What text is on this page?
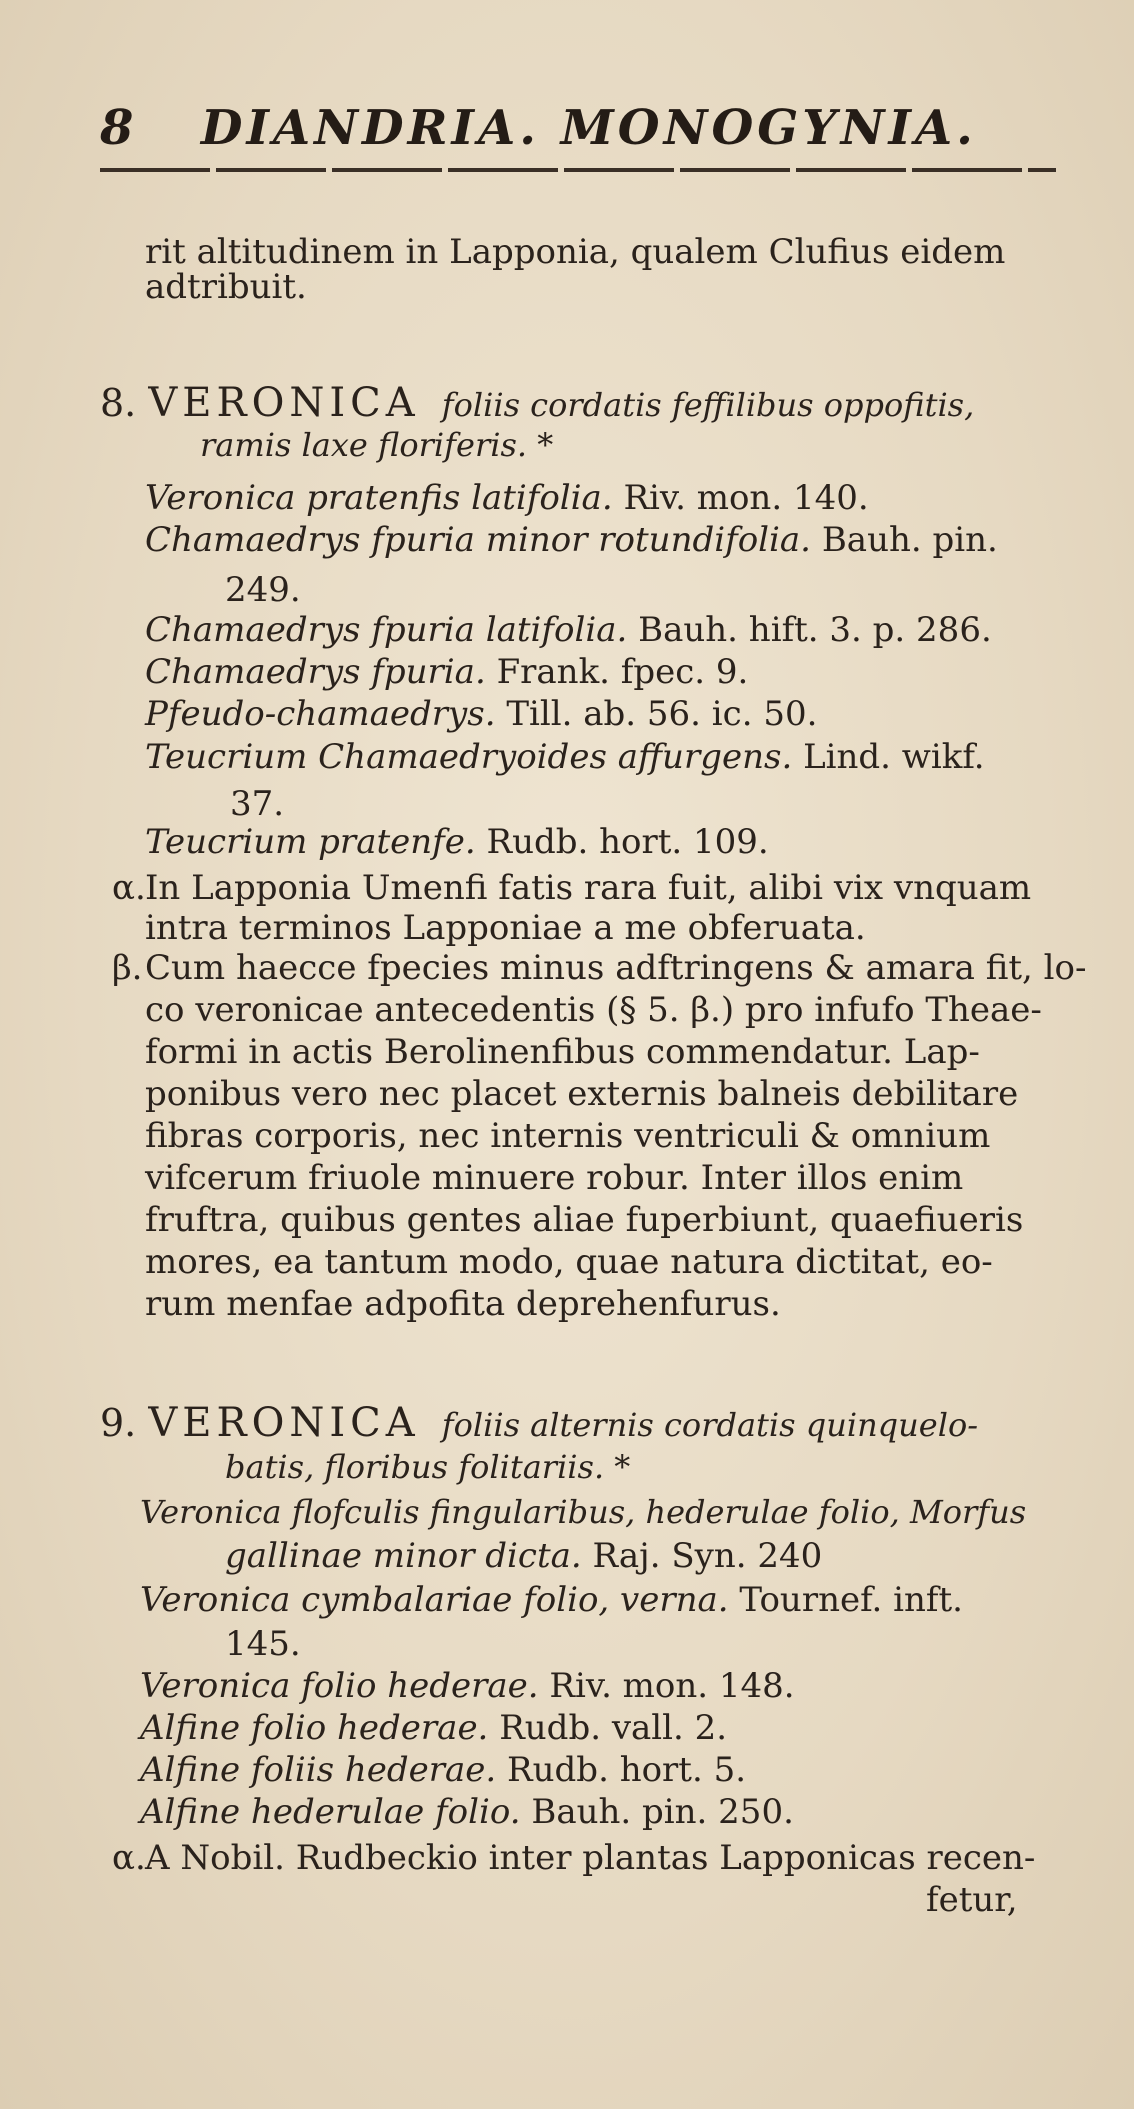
8 DIANDRIA. MONOGYNIA.
rit altitudinem in Lapponia, qualem Clufius eidem
adtribuit.
8. VERONICA foliis cordatis feffilibus oppofitis,
ramis laxe floriferis. *
Veronica pratenfis latifolia. Riv. mon. 140.
Chamaedrys fpuria minor rotundifolia. Bauh. pin.
249.
Chamaedrys fpuria latifolia. Bauh. hift. 3. p. 286.
Chamaedrys fpuria. Frank. fpec. 9.
Pfeudo-chamaedrys. Till. ab. 56. ic. 50.
Teucrium Chamaedryoides affurgens. Lind. wikf.
37.
Teucrium pratenfe. Rudb. hort. 109.
α. In Lapponia Umenfi fatis rara fuit, alibi vix vnquam
intra terminos Lapponiae a me obferuata.
β. Cum haecce fpecies minus adftringens & amara fit, lo-
co veronicae antecedentis (§ 5. β.) pro infufo Theae-
formi in actis Berolinenfibus commendatur. Lap-
ponibus vero nec placet externis balneis debilitare
fibras corporis, nec internis ventriculi & omnium
vifcerum friuole minuere robur. Inter illos enim
fruftra, quibus gentes aliae fuperbiunt, quaefiueris
mores, ea tantum modo, quae natura dictitat, eo-
rum menfae adpofita deprehenfurus.
9. VERONICA foliis alternis cordatis quinquelo-
batis, floribus folitariis. *
Veronica flofculis fingularibus, hederulae folio, Morfus
gallinae minor dicta. Raj. Syn. 240
Veronica cymbalariae folio, verna. Tournef. inft.
145.
Veronica folio hederae. Riv. mon. 148.
Alfine folio hederae. Rudb. vall. 2.
Alfine foliis hederae. Rudb. hort. 5.
Alfine hederulae folio. Bauh. pin. 250.
α. A Nobil. Rudbeckio inter plantas Lapponicas recen-
fetur,
